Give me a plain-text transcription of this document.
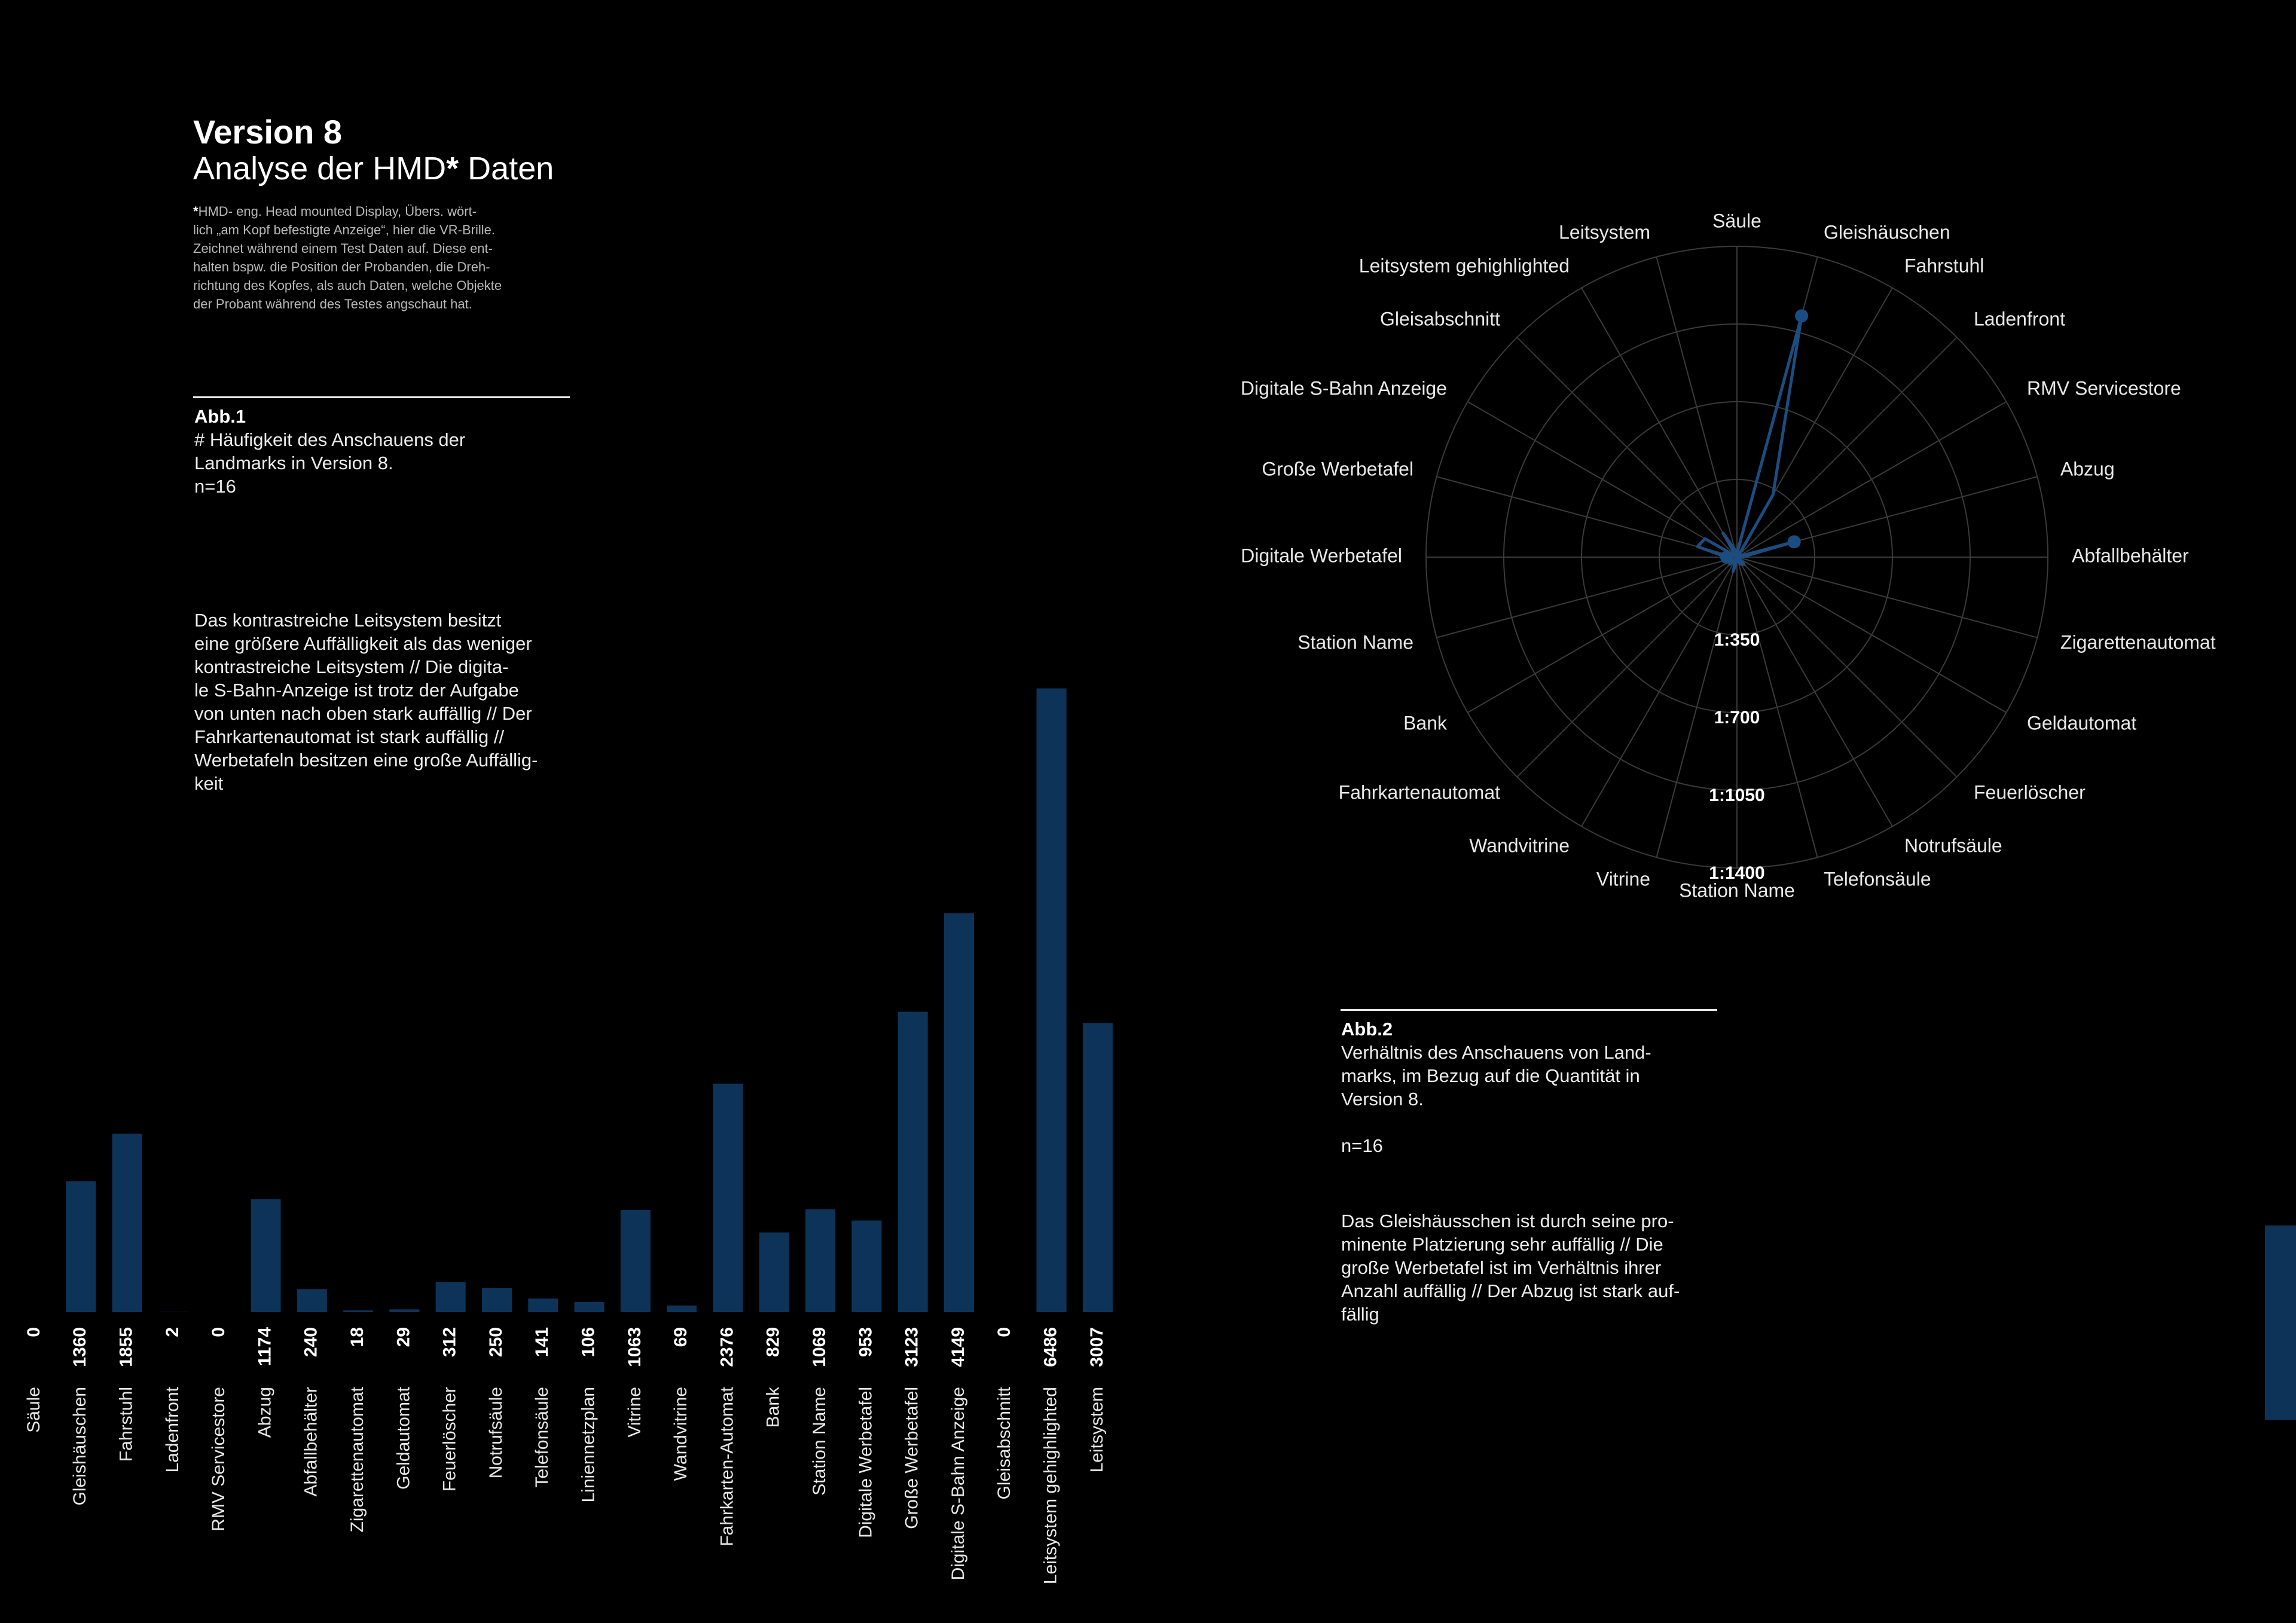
Version 8
Analyse der HMD* Daten
*HMD- eng. Head mounted Display, Übers. wört-
lich „am Kopf befestigte Anzeige“, hier die VR-Brille.
Zeichnet während einem Test Daten auf. Diese ent-
halten bspw. die Position der Probanden, die Dreh-
richtung des Kopfes, als auch Daten, welche Objekte
der Probant während des Testes angschaut hat.
Abb.1
# Häufigkeit des Anschauens der
Landmarks in Version 8.
n=16
Das kontrastreiche Leitsystem besitzt
eine größere Auffälligkeit als das weniger
kontrastreiche Leitsystem // Die digita-
le S-Bahn-Anzeige ist trotz der Aufgabe
von unten nach oben stark auffällig // Der
Fahrkartenautomat ist stark auffällig //
Werbetafeln besitzen eine große Auffällig-
keit
Abb.2
Verhältnis des Anschauens von Land-
marks, im Bezug auf die Quantität in
Version 8.
n=16
Das Gleishäusschen ist durch seine pro-
minente Platzierung sehr auffällig // Die
große Werbetafel ist im Verhältnis ihrer
Anzahl auffällig // Der Abzug ist stark auf-
fällig
0
Säule
1360
Gleishäuschen
1855
Fahrstuhl
2
Ladenfront
0
RMV Servicestore
1174
Abzug
240
Abfallbehälter
18
Zigarettenautomat
29
Geldautomat
312
Feuerlöscher
250
Notrufsäule
141
Telefonsäule
106
Liniennetzplan
1063
Vitrine
69
Wandvitrine
2376
Fahrkarten-Automat
829
Bank
1069
Station Name
953
Digitale Werbetafel
3123
Große Werbetafel
4149
Digitale S-Bahn Anzeige
0
Gleisabschnitt
6486
Leitsystem gehighlighted
3007
Leitsystem
Säule
Gleishäuschen
Fahrstuhl
Ladenfront
RMV Servicestore
Abzug
Abfallbehälter
Zigarettenautomat
Geldautomat
Feuerlöscher
Notrufsäule
Telefonsäule
Station Name
Vitrine
Wandvitrine
Fahrkartenautomat
Bank
Station Name
Digitale Werbetafel
Große Werbetafel
Digitale S-Bahn Anzeige
Gleisabschnitt
Leitsystem gehighlighted
Leitsystem
1:350
1:700
1:1050
1:1400
